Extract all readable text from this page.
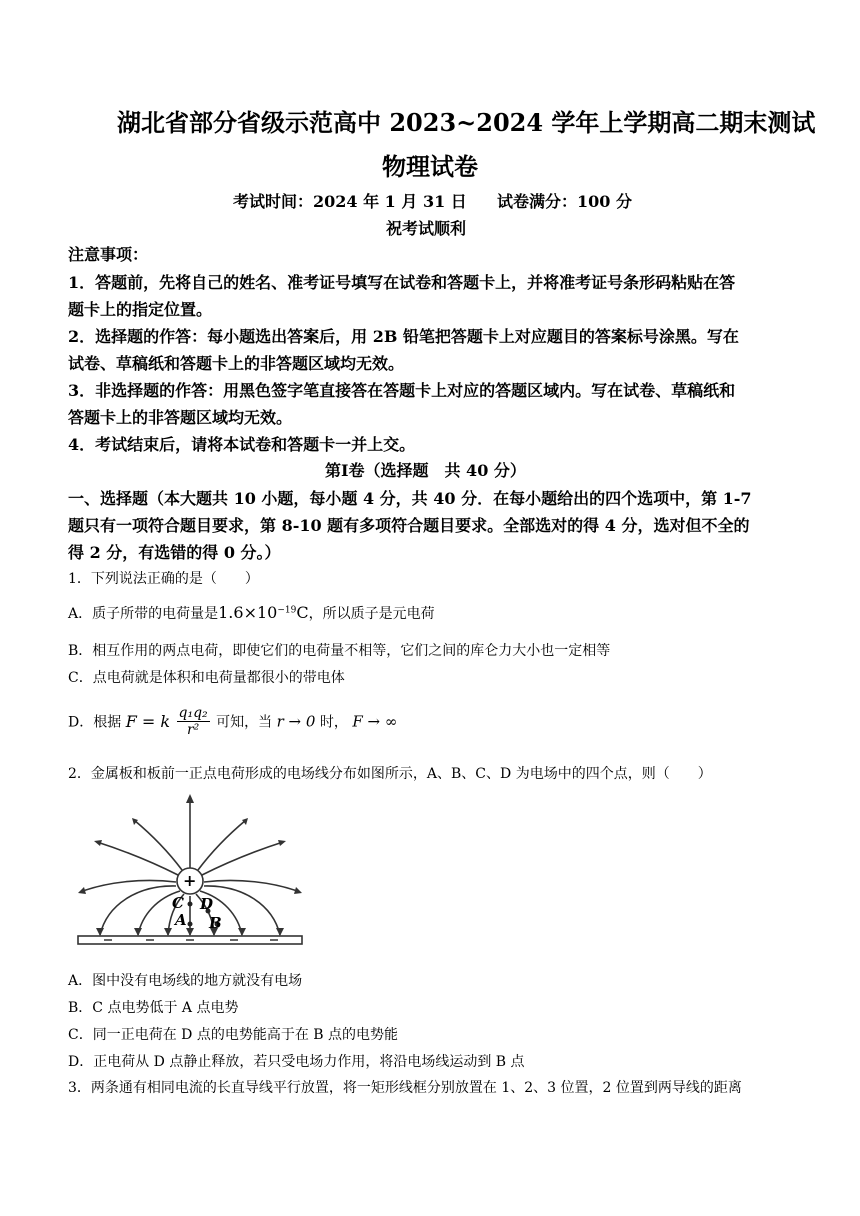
湖北省部分省级示范高中 2023~2024 学年上学期高二期末测试
物理试卷
考试时间：2024 年 1 月 31 日 试卷满分：100 分
祝考试顺利
注意事项：
1．答题前，先将自己的姓名、准考证号填写在试卷和答题卡上，并将准考证号条形码粘贴在答
题卡上的指定位置。
2．选择题的作答：每小题选出答案后，用 2B 铅笔把答题卡上对应题目的答案标号涂黑。写在
试卷、草稿纸和答题卡上的非答题区域均无效。
3．非选择题的作答：用黑色签字笔直接答在答题卡上对应的答题区域内。写在试卷、草稿纸和
答题卡上的非答题区域均无效。
4．考试结束后，请将本试卷和答题卡一并上交。
第Ⅰ卷（选择题　共 40 分）
一、选择题（本大题共 10 小题，每小题 4 分，共 40 分．在每小题给出的四个选项中，第 1-7
题只有一项符合题目要求，第 8-10 题有多项符合题目要求。全部选对的得 4 分，选对但不全的
得 2 分，有选错的得 0 分。）
1．下列说法正确的是（　　）
A．质子所带的电荷量是$1.6\times 10^{-19}C$，所以质子是元电荷
B．相互作用的两点电荷，即使它们的电荷量不相等，它们之间的库仑力大小也一定相等
C．点电荷就是体积和电荷量都很小的带电体
D．根据 F = k $\frac{\text{q₁q₂}}{\text{r²}}$ 可知，当 r → 0 时， F → ∞
2．金属板和板前一正点电荷形成的电场线分布如图所示，A、B、C、D 为电场中的四个点，则（　　）
+
C D
A B
A．图中没有电场线的地方就没有电场
B．C 点电势低于 A 点电势
C．同一正电荷在 D 点的电势能高于在 B 点的电势能
D．正电荷从 D 点静止释放，若只受电场力作用，将沿电场线运动到 B 点
3．两条通有相同电流的长直导线平行放置，将一矩形线框分别放置在 1、2、3 位置，2 位置到两导线的距离
